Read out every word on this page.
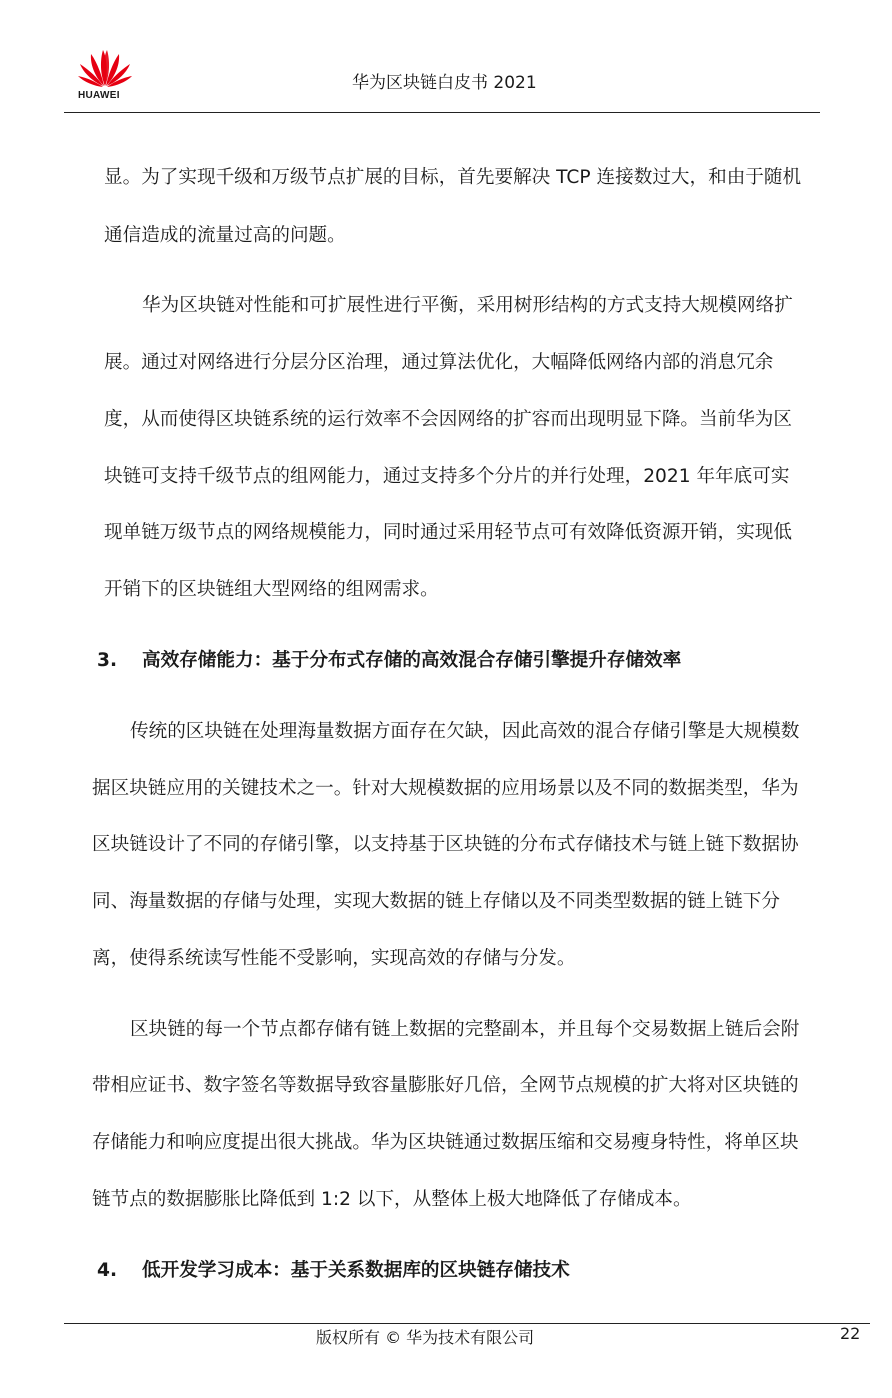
HUAWEI
华为区块链白皮书 2021
显。为了实现千级和万级节点扩展的目标，首先要解决 TCP 连接数过大，和由于随机
通信造成的流量过高的问题。
华为区块链对性能和可扩展性进行平衡，采用树形结构的方式支持大规模网络扩
展。通过对网络进行分层分区治理，通过算法优化，大幅降低网络内部的消息冗余
度，从而使得区块链系统的运行效率不会因网络的扩容而出现明显下降。当前华为区
块链可支持千级节点的组网能力，通过支持多个分片的并行处理，2021 年年底可实
现单链万级节点的网络规模能力，同时通过采用轻节点可有效降低资源开销，实现低
开销下的区块链组大型网络的组网需求。
3. 高效存储能力：基于分布式存储的高效混合存储引擎提升存储效率
传统的区块链在处理海量数据方面存在欠缺，因此高效的混合存储引擎是大规模数
据区块链应用的关键技术之一。针对大规模数据的应用场景以及不同的数据类型，华为
区块链设计了不同的存储引擎，以支持基于区块链的分布式存储技术与链上链下数据协
同、海量数据的存储与处理，实现大数据的链上存储以及不同类型数据的链上链下分
离，使得系统读写性能不受影响，实现高效的存储与分发。
区块链的每一个节点都存储有链上数据的完整副本，并且每个交易数据上链后会附
带相应证书、数字签名等数据导致容量膨胀好几倍，全网节点规模的扩大将对区块链的
存储能力和响应度提出很大挑战。华为区块链通过数据压缩和交易瘦身特性，将单区块
链节点的数据膨胀比降低到 1:2 以下，从整体上极大地降低了存储成本。
4. 低开发学习成本：基于关系数据库的区块链存储技术
版权所有 © 华为技术有限公司	22
